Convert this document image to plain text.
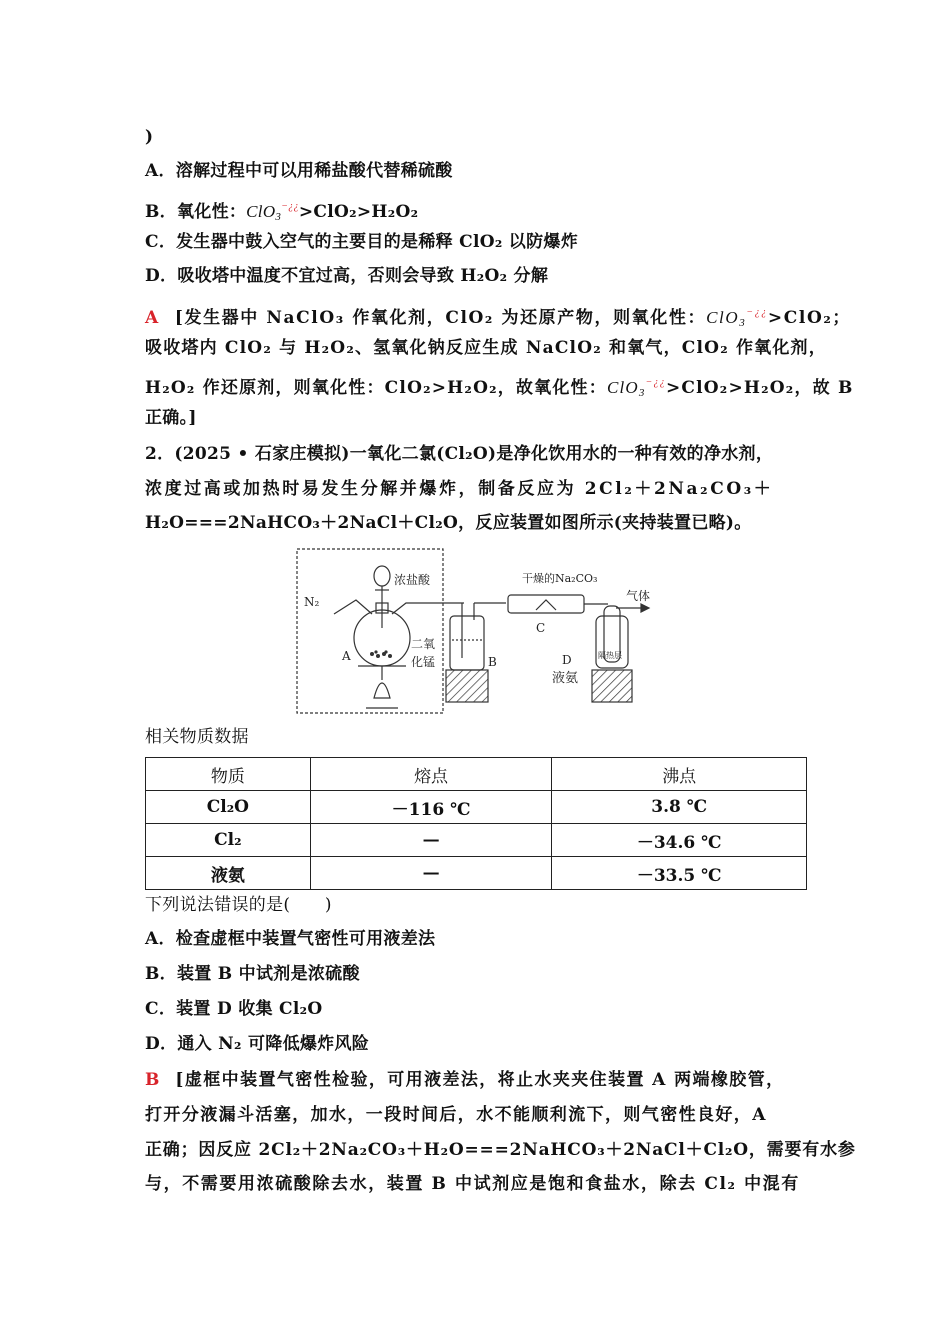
)
A．溶解过程中可以用稀盐酸代替稀硫酸
B．氧化性：ClO3−¿¿>ClO₂>H₂O₂
C．发生器中鼓入空气的主要目的是稀释 ClO₂ 以防爆炸
D．吸收塔中温度不宜过高，否则会导致 H₂O₂ 分解
A [发生器中 NaClO₃ 作氧化剂，ClO₂ 为还原产物，则氧化性：ClO3−¿¿>ClO₂；
吸收塔内 ClO₂ 与 H₂O₂、氢氧化钠反应生成 NaClO₂ 和氧气，ClO₂ 作氧化剂，
H₂O₂ 作还原剂，则氧化性：ClO₂>H₂O₂，故氧化性：ClO3−¿¿>ClO₂>H₂O₂，故 B
正确。]
2．(2025 • 石家庄模拟)一氧化二氯(Cl₂O)是净化饮用水的一种有效的净水剂，
浓度过高或加热时易发生分解并爆炸，制备反应为 2Cl₂＋2Na₂CO₃＋
H₂O===2NaHCO₃＋2NaCl＋Cl₂O，反应装置如图所示(夹持装置已略)。
N₂
浓盐酸
A
二氧
化锰	B
干燥的Na₂CO₃
C
气体
D	隔热层
液氨
相关物质数据
物质	熔点	沸点
Cl₂O	－116 ℃	3.8 ℃
Cl₂	—	－34.6 ℃
液氨	—	－33.5 ℃
下列说法错误的是(　　)
A．检查虚框中装置气密性可用液差法
B．装置 B 中试剂是浓硫酸
C．装置 D 收集 Cl₂O
D．通入 N₂ 可降低爆炸风险
B [虚框中装置气密性检验，可用液差法，将止水夹夹住装置 A 两端橡胶管，
打开分液漏斗活塞，加水，一段时间后，水不能顺利流下，则气密性良好，A
正确；因反应 2Cl₂＋2Na₂CO₃＋H₂O===2NaHCO₃＋2NaCl＋Cl₂O，需要有水参
与，不需要用浓硫酸除去水，装置 B 中试剂应是饱和食盐水，除去 Cl₂ 中混有
